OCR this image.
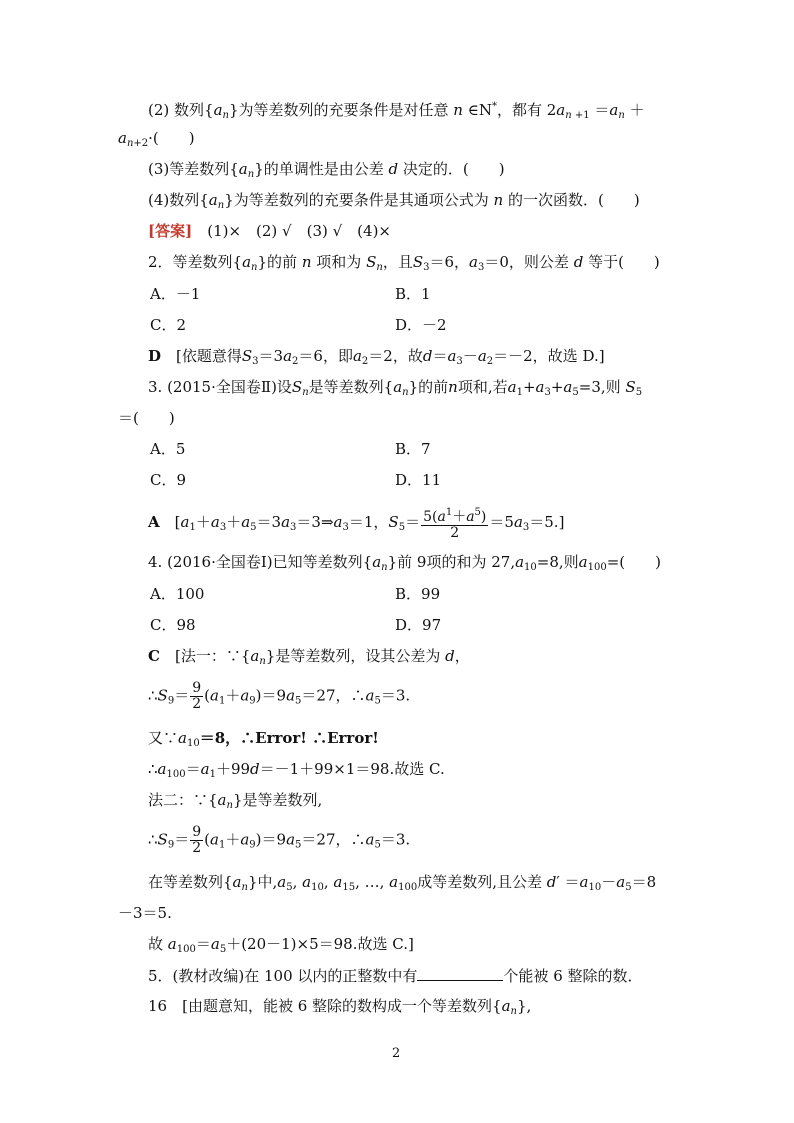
(2) 数列$\{a_n\}$为等差数列的充要条件是对任意 n ∈N*，都有 $2a_{n +1} =a_n$ ＋
$a_{n+2}\cdot$(　　)
(3)等差数列$\{a_n\}$的单调性是由公差 d 决定的．(　　)
(4)数列$\{a_n\}$为等差数列的充要条件是其通项公式为 n 的一次函数．(　　)
[答案]　 (1)×　(2) √　(3) √　(4)×
2．等差数列$\{a_n\}$的前 n 项和为 $S_n$，且$S_3=6$，$a_3=0$，则公差 d 等于(　　)
A．－1	B．1
C．2	D．－2
D　 [依题意得$S_3=3a_2=6$，即$a_2=2$，故$d=a_3-a_2=-2$，故选 D.]
3. (2015·全国卷Ⅱ)设$S_n$是等差数列$\{a_n\}$的前n项和,若$a_1+a_3+a_5=3$,则 $S_5$
＝(　　)
A．5	B．7
C．9	D．11
A　 [$a_1+a_3+a_5=3a_3=3\Rightarrow a_3=1$，$S_5= \frac{5(a^1+a^5)}{2} =5a_3=5$.]
4. (2016·全国卷Ⅰ)已知等差数列$\{a_n\}$前 9项的和为 $27,a_{10}=8$,则$a_{100}=$(　　)
A．100	B．99
C．98	D．97
C　 [法一：$\because\{a_n\}$是等差数列，设其公差为 d，
$\therefore S_9= \frac{9}{2} (a_1+a_9)=9a_5=27$，$\therefore a_5=3$.
又$\because a_{10}=8$，∴Error! ∴Error!
$\therefore a_{100}=a_1+99d=-1+99\times 1=98$.故选 C.
法二：$\because\{a_n\}$是等差数列,
$\therefore S_9= \frac{9}{2} (a_1+a_9)=9a_5=27$，$\therefore a_5=3$.
在等差数列$\{a_n\}$中$,a_5$, $a_{10}$, $a_{15}$, …, $a_{100}$成等差数列,且公差 $d' =a_{10}-a_5=8$
－3＝5.
故 $a_{100}=a_5+(20-1)\times 5=98$.故选 C.]
5．(教材改编)在 100 以内的正整数中有	个能被 6 整除的数．
16　[由题意知，能被 6 整除的数构成一个等差数列$\{a_n\}$,
2
